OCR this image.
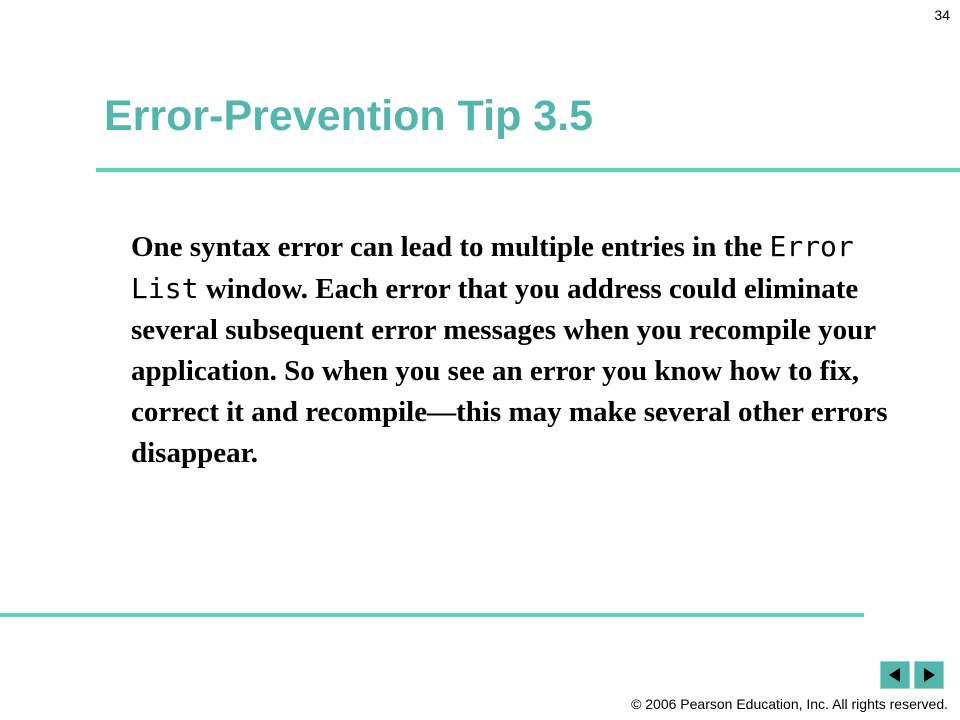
34
Error-Prevention Tip 3.5

One syntax error can lead to multiple entries in the Error List window. Each error that you address could eliminate several subsequent error messages when you recompile your application. So when you see an error you know how to fix, correct it and recompile—this may make several other errors disappear.

© 2006 Pearson Education, Inc. All rights reserved.
